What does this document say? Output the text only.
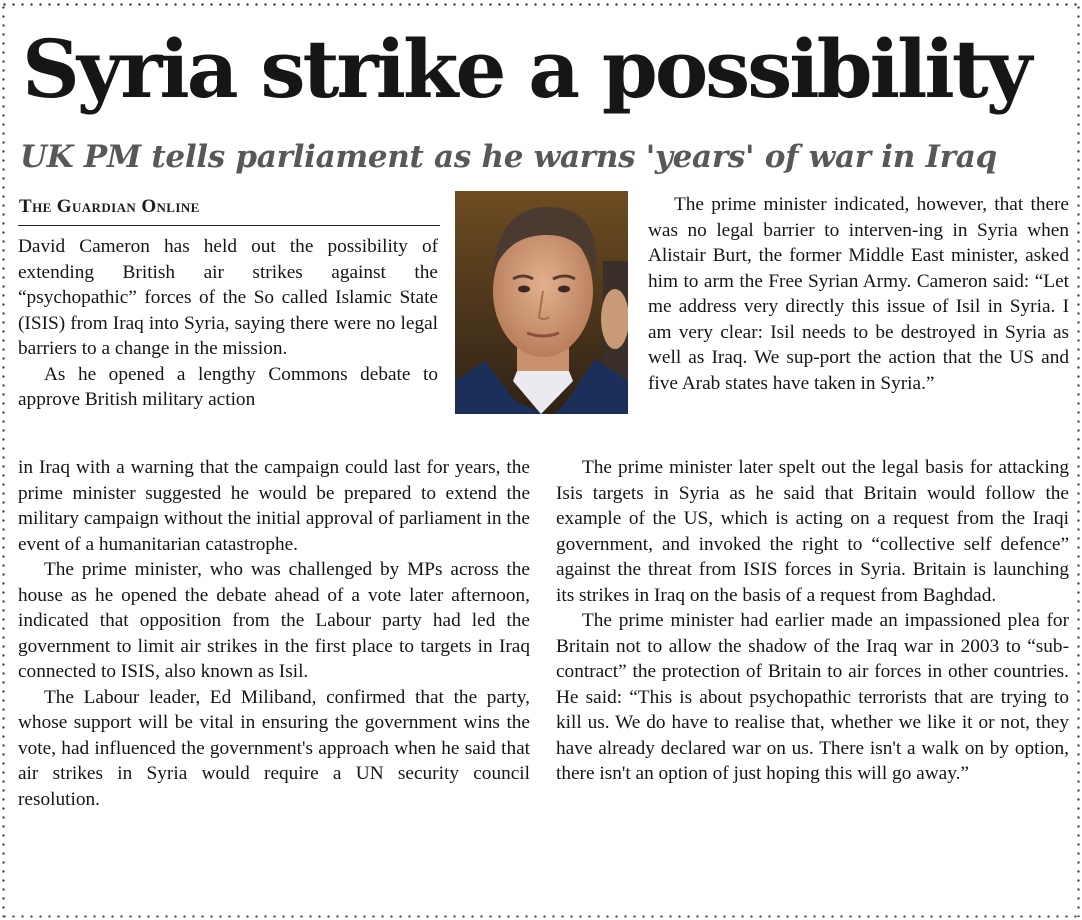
Syria strike a possibility
UK PM tells parliament as he warns 'years' of war in Iraq
The Guardian Online

David Cameron has held out the possibility of extending British air strikes against the “psychopathic” forces of the So called Islamic State (ISIS) from Iraq into Syria, saying there were no legal barriers to a change in the mission.

As he opened a lengthy Commons debate to approve British military action

in Iraq with a warning that the campaign could last for years, the prime minister suggested he would be prepared to extend the military campaign without the initial approval of parliament in the event of a humanitarian catastrophe.

The prime minister, who was challenged by MPs across the house as he opened the debate ahead of a vote later afternoon, indicated that opposition from the Labour party had led the government to limit air strikes in the first place to targets in Iraq connected to ISIS, also known as Isil.

The Labour leader, Ed Miliband, confirmed that the party, whose support will be vital in ensuring the government wins the vote, had influenced the government's approach when he said that air strikes in Syria would require a UN security council resolution.

The prime minister indicated, however, that there was no legal barrier to interven-ing in Syria when Alistair Burt, the former Middle East minister, asked him to arm the Free Syrian Army. Cameron said: “Let me address very directly this issue of Isil in Syria. I am very clear: Isil needs to be destroyed in Syria as well as Iraq. We sup-port the action that the US and five Arab states have taken in Syria.”

The prime minister later spelt out the legal basis for attacking Isis targets in Syria as he said that Britain would follow the example of the US, which is acting on a request from the Iraqi government, and invoked the right to “collective self defence” against the threat from ISIS forces in Syria. Britain is launching its strikes in Iraq on the basis of a request from Baghdad.

The prime minister had earlier made an impassioned plea for Britain not to allow the shadow of the Iraq war in 2003 to “sub-contract” the protection of Britain to air forces in other countries. He said: “This is about psychopathic terrorists that are trying to kill us. We do have to realise that, whether we like it or not, they have already declared war on us. There isn't a walk on by option, there isn't an option of just hoping this will go away.”
